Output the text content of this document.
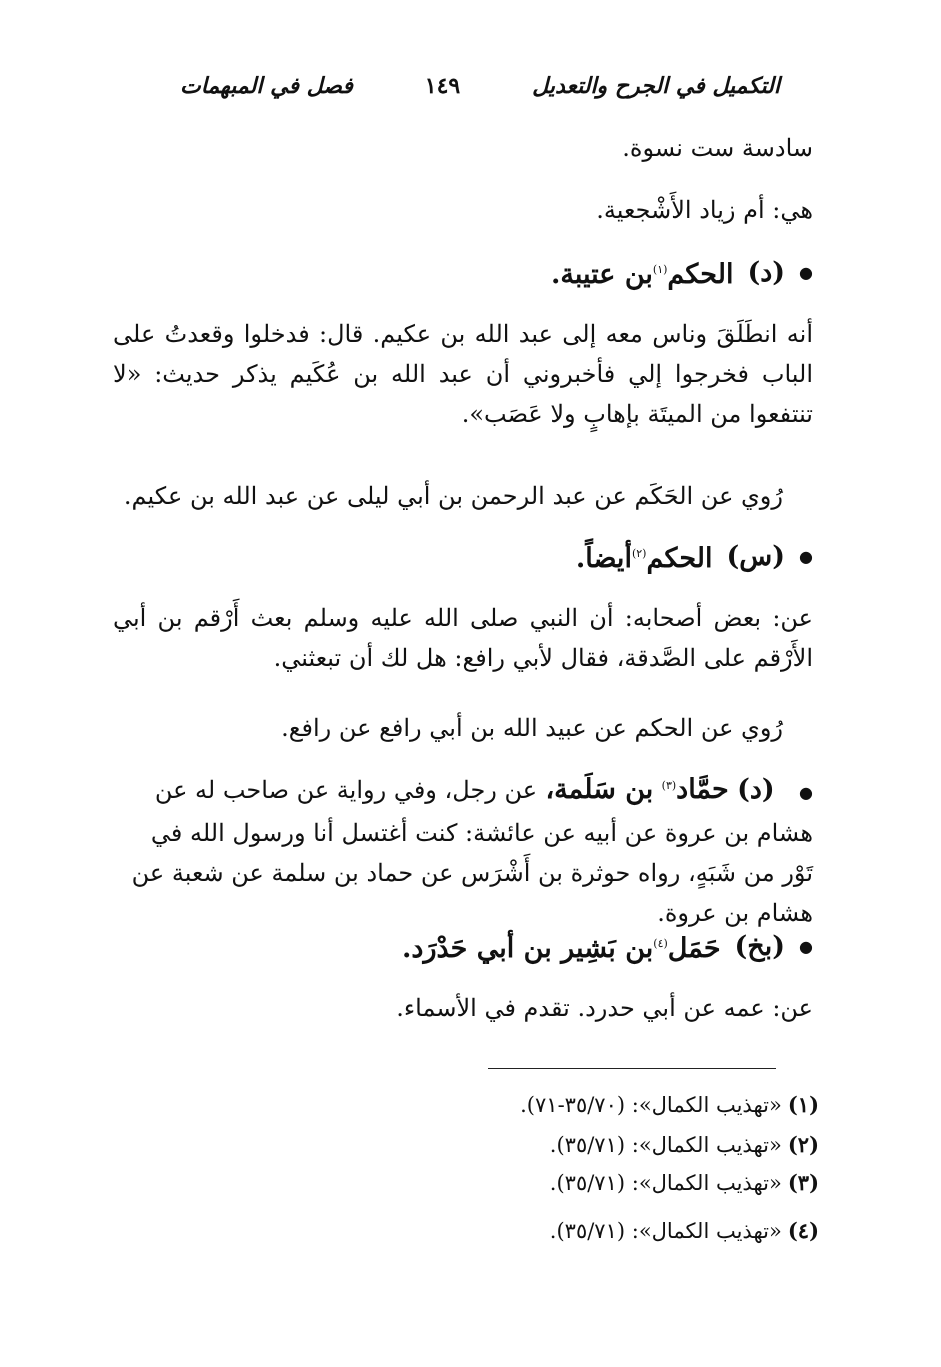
التكميل في الجرح والتعديل
١٤٩
فصل في المبهمات

سادسة ست نسوة.

هي: أم زياد الأَشْجعية.

●
(د)
الحكم$^{(١)}$بن عتيبة.

أنه انطَلَقَ وناس معه إلى عبد الله بن عكيم. قال: فدخلوا وقعدتُ على الباب فخرجوا إلي فأخبروني أن عبد الله بن عُكَيم يذكر حديث: «لا تنتفعوا من الميتَة بإهابٍ ولا عَصَب».

رُوي عن الحَكَم عن عبد الرحمن بن أبي ليلى عن عبد الله بن عكيم.

●
(س)
الحكم$^{(٢)}$أيضاً.

عن: بعض أصحابه: أن النبي صلى الله عليه وسلم بعث أَرْقم بن أبي الأَرْقم على الصَّدقة، فقال لأبي رافع: هل لك أن تبعثني.

رُوي عن الحكم عن عبيد الله بن أبي رافع عن رافع.

● (د) حمَّاد$^{(٣)}$ بن سَلَمة، عن رجل، وفي رواية عن صاحب له عن هشام بن عروة عن أبيه عن عائشة: كنت أغتسل أنا ورسول الله في تَوْر من شَبَهٍ، رواه حوثرة بن أَشْرَس عن حماد بن سلمة عن شعبة عن هشام بن عروة.
●
(بخ)
حَمَل$^{(٤)}$بن بَشِير بن أبي حَدْرَد.

عن: عمه عن أبي حدرد. تقدم في الأسماء.

(١)«تهذيب الكمال»: (٣٥/٧٠-٧١).
(٢)«تهذيب الكمال»: (٣٥/٧١).
(٣)«تهذيب الكمال»: (٣٥/٧١).
(٤)«تهذيب الكمال»: (٣٥/٧١).
